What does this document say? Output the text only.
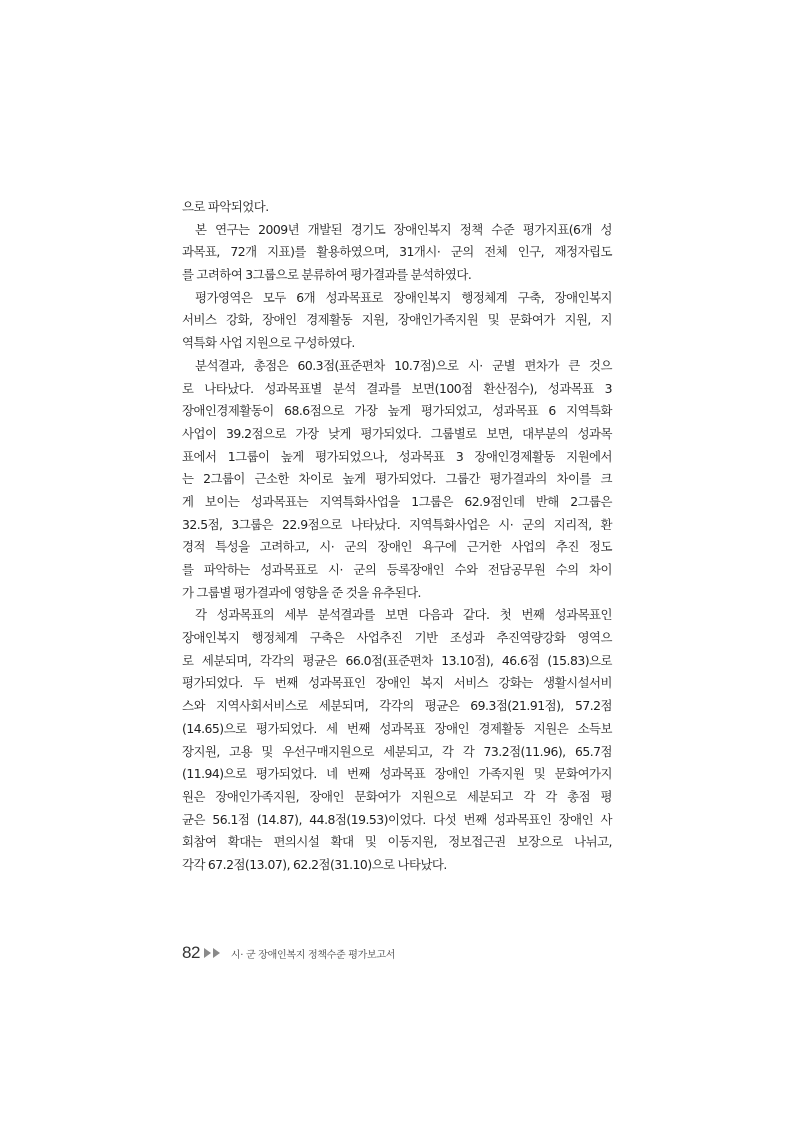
으로 파악되었다.
본 연구는 2009년 개발된 경기도 장애인복지 정책 수준 평가지표(6개 성
과목표, 72개 지표)를 활용하였으며, 31개시· 군의 전체 인구, 재정자립도
를 고려하여 3그룹으로 분류하여 평가결과를 분석하였다.
평가영역은 모두 6개 성과목표로 장애인복지 행정체계 구축, 장애인복지
서비스 강화, 장애인 경제활동 지원, 장애인가족지원 및 문화여가 지원, 지
역특화 사업 지원으로 구성하였다.
분석결과, 총점은 60.3점(표준편차 10.7점)으로 시· 군별 편차가 큰 것으
로 나타났다. 성과목표별 분석 결과를 보면(100점 환산점수), 성과목표 3
장애인경제활동이 68.6점으로 가장 높게 평가되었고, 성과목표 6 지역특화
사업이 39.2점으로 가장 낮게 평가되었다. 그룹별로 보면, 대부분의 성과목
표에서 1그룹이 높게 평가되었으나, 성과목표 3 장애인경제활동 지원에서
는 2그룹이 근소한 차이로 높게 평가되었다. 그룹간 평가결과의 차이를 크
게 보이는 성과목표는 지역특화사업을 1그룹은 62.9점인데 반해 2그룹은
32.5점, 3그룹은 22.9점으로 나타났다. 지역특화사업은 시· 군의 지리적, 환
경적 특성을 고려하고, 시· 군의 장애인 욕구에 근거한 사업의 추진 정도
를 파악하는 성과목표로 시· 군의 등록장애인 수와 전담공무원 수의 차이
가 그룹별 평가결과에 영향을 준 것을 유추된다.
각 성과목표의 세부 분석결과를 보면 다음과 같다. 첫 번째 성과목표인
장애인복지 행정체계 구축은 사업추진 기반 조성과 추진역량강화 영역으
로 세분되며, 각각의 평균은 66.0점(표준편차 13.10점), 46.6점 (15.83)으로
평가되었다. 두 번째 성과목표인 장애인 복지 서비스 강화는 생활시설서비
스와 지역사회서비스로 세분되며, 각각의 평균은 69.3점(21.91점), 57.2점
(14.65)으로 평가되었다. 세 번째 성과목표 장애인 경제활동 지원은 소득보
장지원, 고용 및 우선구매지원으로 세분되고, 각 각 73.2점(11.96), 65.7점
(11.94)으로 평가되었다. 네 번째 성과목표 장애인 가족지원 및 문화여가지
원은 장애인가족지원, 장애인 문화여가 지원으로 세분되고 각 각 총점 평
균은 56.1점 (14.87), 44.8점(19.53)이었다. 다섯 번째 성과목표인 장애인 사
회참여 확대는 편의시설 확대 및 이동지원, 정보접근권 보장으로 나뉘고,
각각 67.2점(13.07), 62.2점(31.10)으로 나타났다.
82	시· 군 장애인복지 정책수준 평가보고서
